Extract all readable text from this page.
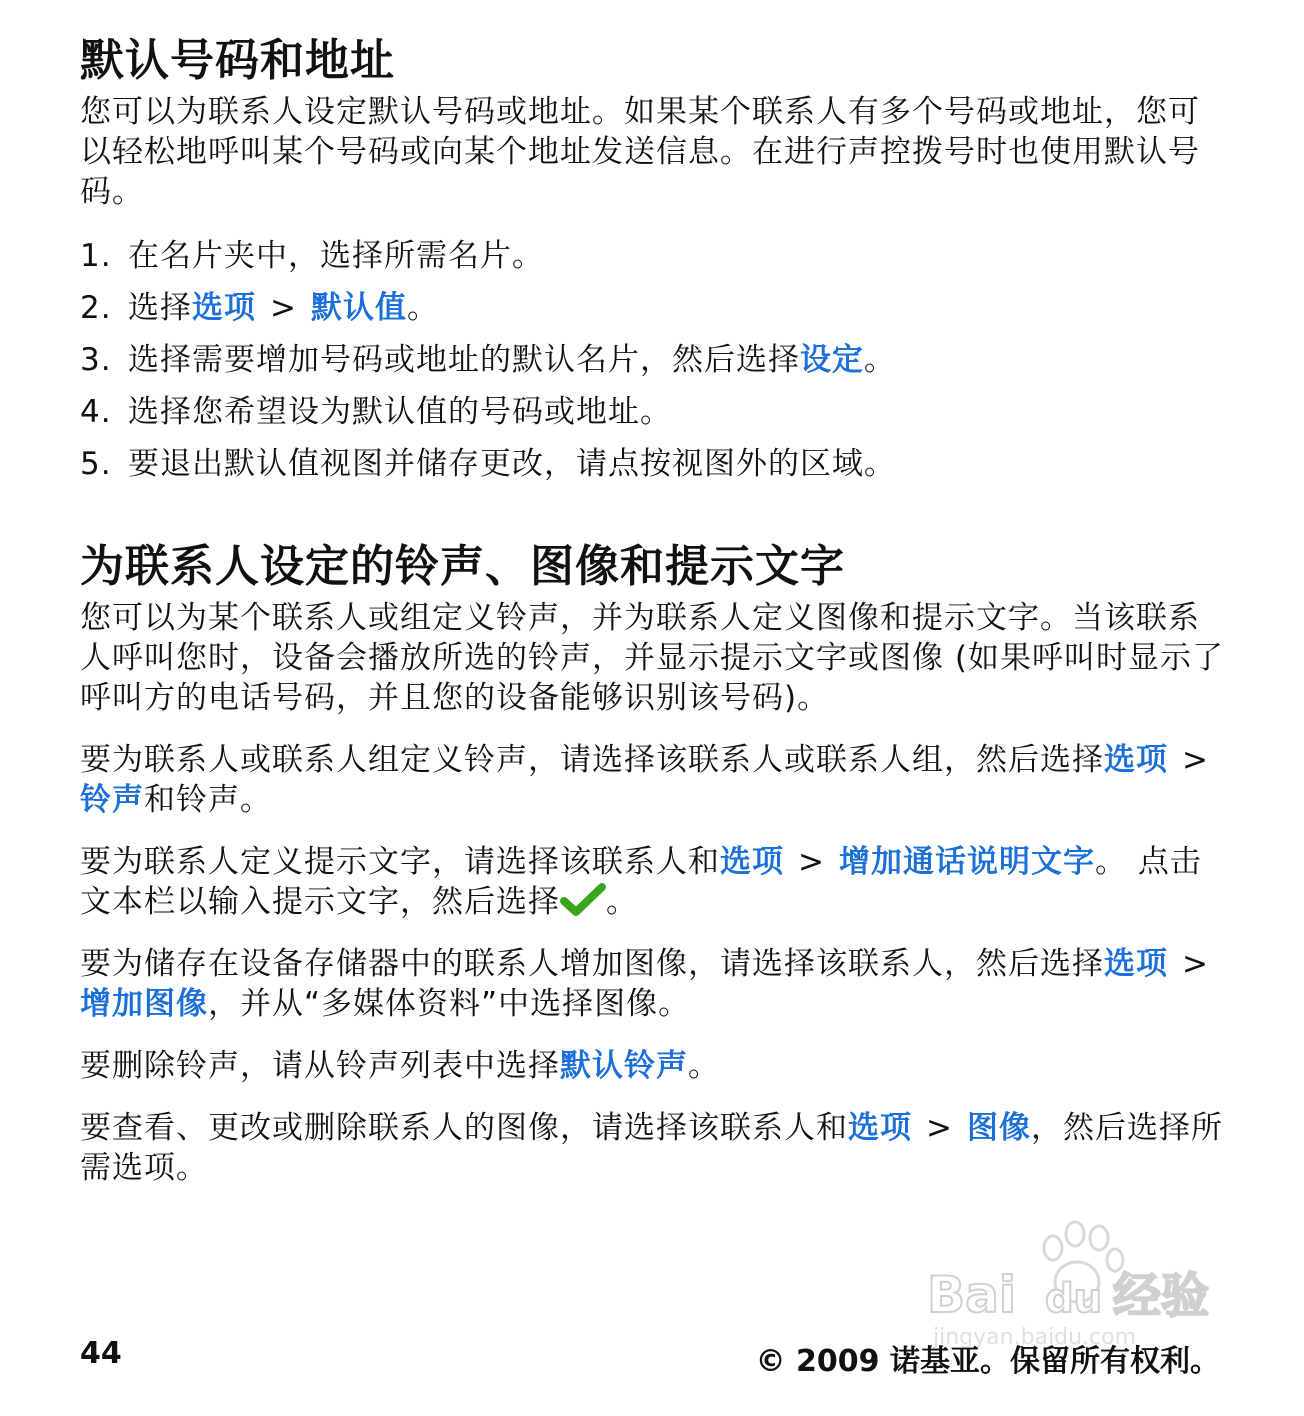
默认号码和地址

您可以为联系人设定默认号码或地址。如果某个联系人有多个号码或地址，您可以轻松地呼叫某个号码或向某个地址发送信息。在进行声控拨号时也使用默认号码。

1. 在名片夹中，选择所需名片。
2. 选择选项 > 默认值。
3. 选择需要增加号码或地址的默认名片，然后选择设定。
4. 选择您希望设为默认值的号码或地址。
5. 要退出默认值视图并储存更改，请点按视图外的区域。
为联系人设定的铃声、图像和提示文字

您可以为某个联系人或组定义铃声，并为联系人定义图像和提示文字。当该联系人呼叫您时，设备会播放所选的铃声，并显示提示文字或图像 (如果呼叫时显示了呼叫方的电话号码，并且您的设备能够识别该号码)。

要为联系人或联系人组定义铃声，请选择该联系人或联系人组，然后选择选项 >铃声和铃声。

要为联系人定义提示文字，请选择该联系人和选项 > 增加通话说明文字。 点击文本栏以输入提示文字，然后选择 。

要为储存在设备存储器中的联系人增加图像，请选择该联系人，然后选择选项 >增加图像，并从“多媒体资料”中选择图像。

要删除铃声，请从铃声列表中选择默认铃声。

要查看、更改或删除联系人的图像，请选择该联系人和选项 > 图像，然后选择所需选项。

Bai du 经验
jingyan.baidu.com
44	© 2009 诺基亚。保留所有权利。
